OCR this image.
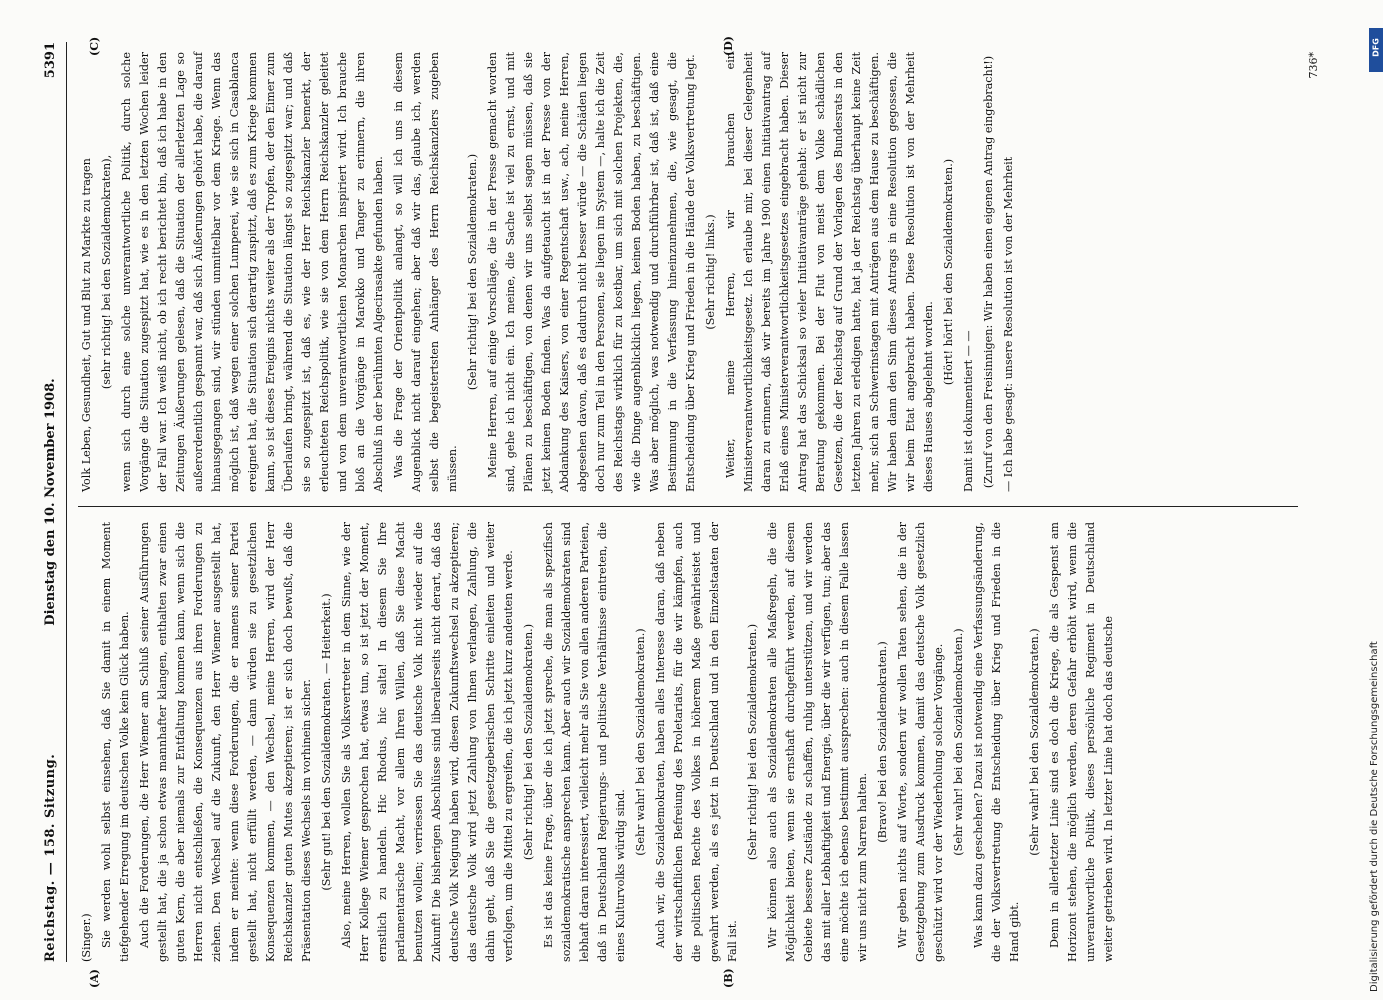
Reichstag. — 158. Sitzung.
Dienstag den 10. November 1908.
5391
(A)	(B)
(C)	(D)

(Singer.) Sie werden wohl selbst einsehen, daß Sie damit in einem Moment tiefgehender Erregung im deutschen Volke kein Glück haben. Auch die Forderungen, die Herr Wiemer am Schluß seiner Ausführungen gestellt hat, die ja schon etwas mannhafter klangen, enthalten zwar einen guten Kern, die aber niemals zur Entfaltung kommen kann, wenn sich die Herren nicht entschließen, die Konsequenzen aus ihren Forderungen zu ziehen. Den Wechsel auf die Zukunft, den Herr Wiemer ausgestellt hat, indem er meinte: wenn diese Forderungen, die er namens seiner Partei gestellt hat, nicht erfüllt werden, — dann würden sie zu gesetzlichen Konsequenzen kommen, — den Wechsel, meine Herren, wird der Herr Reichskanzler guten Mutes akzeptieren; ist er sich doch bewußt, daß die Präsentation dieses Wechsels im vorhinein sicher. (Sehr gut! bei den Sozialdemokraten. — Heiterkeit.) Also, meine Herren, wollen Sie als Volksvertreter in dem Sinne, wie der Herr Kollege Wiemer gesprochen hat, etwas tun, so ist jetzt der Moment, ernstlich zu handeln. Hic Rhodus, hic salta! In diesem Sie Ihre parlamentarische Macht, vor allem Ihren Willen, daß Sie diese Macht benutzen wollen; verriessen Sie das deutsche Volk nicht wieder auf die Zukunft! Die bisherigen Abschlüsse sind liberalerseits nicht derart, daß das deutsche Volk Neigung haben wird, diesen Zukunftswechsel zu akzeptieren; das deutsche Volk wird jetzt Zahlung von Ihnen verlangen, Zahlung, die dahin geht, daß Sie die gesetzgeberischen Schritte einleiten und weiter verfolgen, um die Mittel zu ergreifen, die ich jetzt kurz andeuten werde. (Sehr richtig! bei den Sozialdemokraten.) Es ist das keine Frage, über die ich jetzt spreche, die man als spezifisch sozialdemokratische ansprechen kann. Aber auch wir Sozialdemokraten sind lebhaft daran interessiert, vielleicht mehr als Sie von allen anderen Parteien, daß in Deutschland Regierungs- und politische Verhältnisse eintreten, die eines Kulturvolks würdig sind.

(Sehr wahr! bei den Sozialdemokraten.) Auch wir, die Sozialdemokraten, haben alles Interesse daran, daß neben der wirtschaftlichen Befreiung des Proletariats, für die wir kämpfen, auch die politischen Rechte des Volkes in höherem Maße gewährleistet und gewahrt werden, als es jetzt in Deutschland und in den Einzelstaaten der Fall ist.

(Sehr richtig! bei den Sozialdemokraten.) Wir können also auch als Sozialdemokraten alle Maßregeln, die die Möglichkeit bieten, wenn sie ernsthaft durchgeführt werden, auf diesem Gebiete bessere Zustände zu schaffen, ruhig unterstützen, und wir werden das mit aller Lebhaftigkeit und Energie, über die wir verfügen, tun; aber das eine möchte ich ebenso bestimmt aussprechen: auch in diesem Falle lassen wir uns nicht zum Narren halten.

(Bravo! bei den Sozialdemokraten.) Wir geben nichts auf Worte, sondern wir wollen Taten sehen, die in der Gesetzgebung zum Ausdruck kommen, damit das deutsche Volk gesetzlich geschützt wird vor der Wiederholung solcher Vorgänge. (Sehr wahr! bei den Sozialdemokraten.) Was kann dazu geschehen? Dazu ist notwendig eine Verfassungsänderung, die der Volksvertretung die Entscheidung über Krieg und Frieden in die Hand gibt.

(Sehr wahr! bei den Sozialdemokraten.) Denn in allerletzter Linie sind es doch die Kriege, die als Gespenst am Horizont stehen, die möglich werden, deren Gefahr erhöht wird, wenn die unverantwortliche Politik, dieses persönliche Regiment in Deutschland weiter getrieben wird. In letzter Linie hat doch das deutsche

Volk Leben, Gesundheit, Gut und Blut zu Markte zu tragen (sehr richtig! bei den Sozialdemokraten), wenn sich durch eine solche unverantwortliche Politik, durch solche Vorgänge die Situation zugespitzt hat, wie es in den letzten Wochen leider der Fall war. Ich weiß nicht, ob ich recht berichtet bin, daß ich habe in den Zeitungen Äußerungen gelesen, daß die Situation der allerletzten Lage so außerordentlich gespannt war, daß sich Äußerungen gehört habe, die darauf hinausgegangen sind, wir stünden unmittelbar vor dem Kriege. Wenn das möglich ist, daß wegen einer solchen Lumperei, wie sie sich in Casablanca ereignet hat, die Situation sich derartig zuspitzt, daß es zum Kriege kommen kann, so ist dieses Ereignis nichts weiter als der Tropfen, der den Eimer zum Überlaufen bringt, während die Situation längst so zugespitzt war; und daß sie so zugespitzt ist, daß es, wie der Herr Reichskanzler bemerkt, der erleuchteten Reichspolitik, wie sie von dem Herrn Reichskanzler geleitet und von dem unverantwortlichen Monarchen inspiriert wird. Ich brauche bloß an die Vorgänge in Marokko und Tanger zu erinnern, die ihren Abschluß in der berühmten Algecirasakte gefunden haben. Was die Frage der Orientpolitik anlangt, so will ich uns in diesem Augenblick nicht darauf eingehen; aber daß wir das, glaube ich, werden selbst die begeistertsten Anhänger des Herrn Reichskanzlers zugeben müssen.

(Sehr richtig! bei den Sozialdemokraten.) Meine Herren, auf einige Vorschläge, die in der Presse gemacht worden sind, gehe ich nicht ein. Ich meine, die Sache ist viel zu ernst, und mit Plänen zu beschäftigen, von denen wir uns selbst sagen müssen, daß sie jetzt keinen Boden finden. Was da aufgetaucht ist in der Presse von der Abdankung des Kaisers, von einer Regentschaft usw., ach, meine Herren, abgesehen davon, daß es dadurch nicht besser würde — die Schäden liegen doch nur zum Teil in den Personen, sie liegen im System —, halte ich die Zeit des Reichstags wirklich für zu kostbar, um sich mit solchen Projekten, die, wie die Dinge augenblicklich liegen, keinen Boden haben, zu beschäftigen. Was aber möglich, was notwendig und durchführbar ist, daß ist, daß eine Bestimmung in die Verfassung hineinzunehmen, die, wie gesagt, die Entscheidung über Krieg und Frieden in die Hände der Volksvertretung legt. (Sehr richtig! links.) Weiter, meine Herren, wir brauchen ein Ministerverantwortlichkeitsgesetz. Ich erlaube mir, bei dieser Gelegenheit daran zu erinnern, daß wir bereits im Jahre 1900 einen Initiativantrag auf Erlaß eines Ministerverantwortlichkeitsgesetzes eingebracht haben. Dieser Antrag hat das Schicksal so vieler Initiativanträge gehabt: er ist nicht zur Beratung gekommen. Bei der Flut von meist dem Volke schädlichen Gesetzen, die der Reichstag auf Grund der Vorlagen des Bundesrats in den letzten Jahren zu erledigen hatte, hat ja der Reichstag überhaupt keine Zeit mehr, sich an Schwerinstagen mit Anträgen aus dem Hause zu beschäftigen. Wir haben dann den Sinn dieses Antrags in eine Resolution gegossen, die wir beim Etat angebracht haben. Diese Resolution ist von der Mehrheit dieses Hauses abgelehnt worden.

(Hört! hört! bei den Sozialdemokraten.)

Damit ist dokumentiert — — (Zuruf von den Freisinnigen: Wir haben einen eigenen Antrag eingebracht!) — Ich habe gesagt: unsere Resolution ist von der Mehrheit

736*
Digitalisierung gefördert durch die Deutsche Forschungsgemeinschaft
DFG
